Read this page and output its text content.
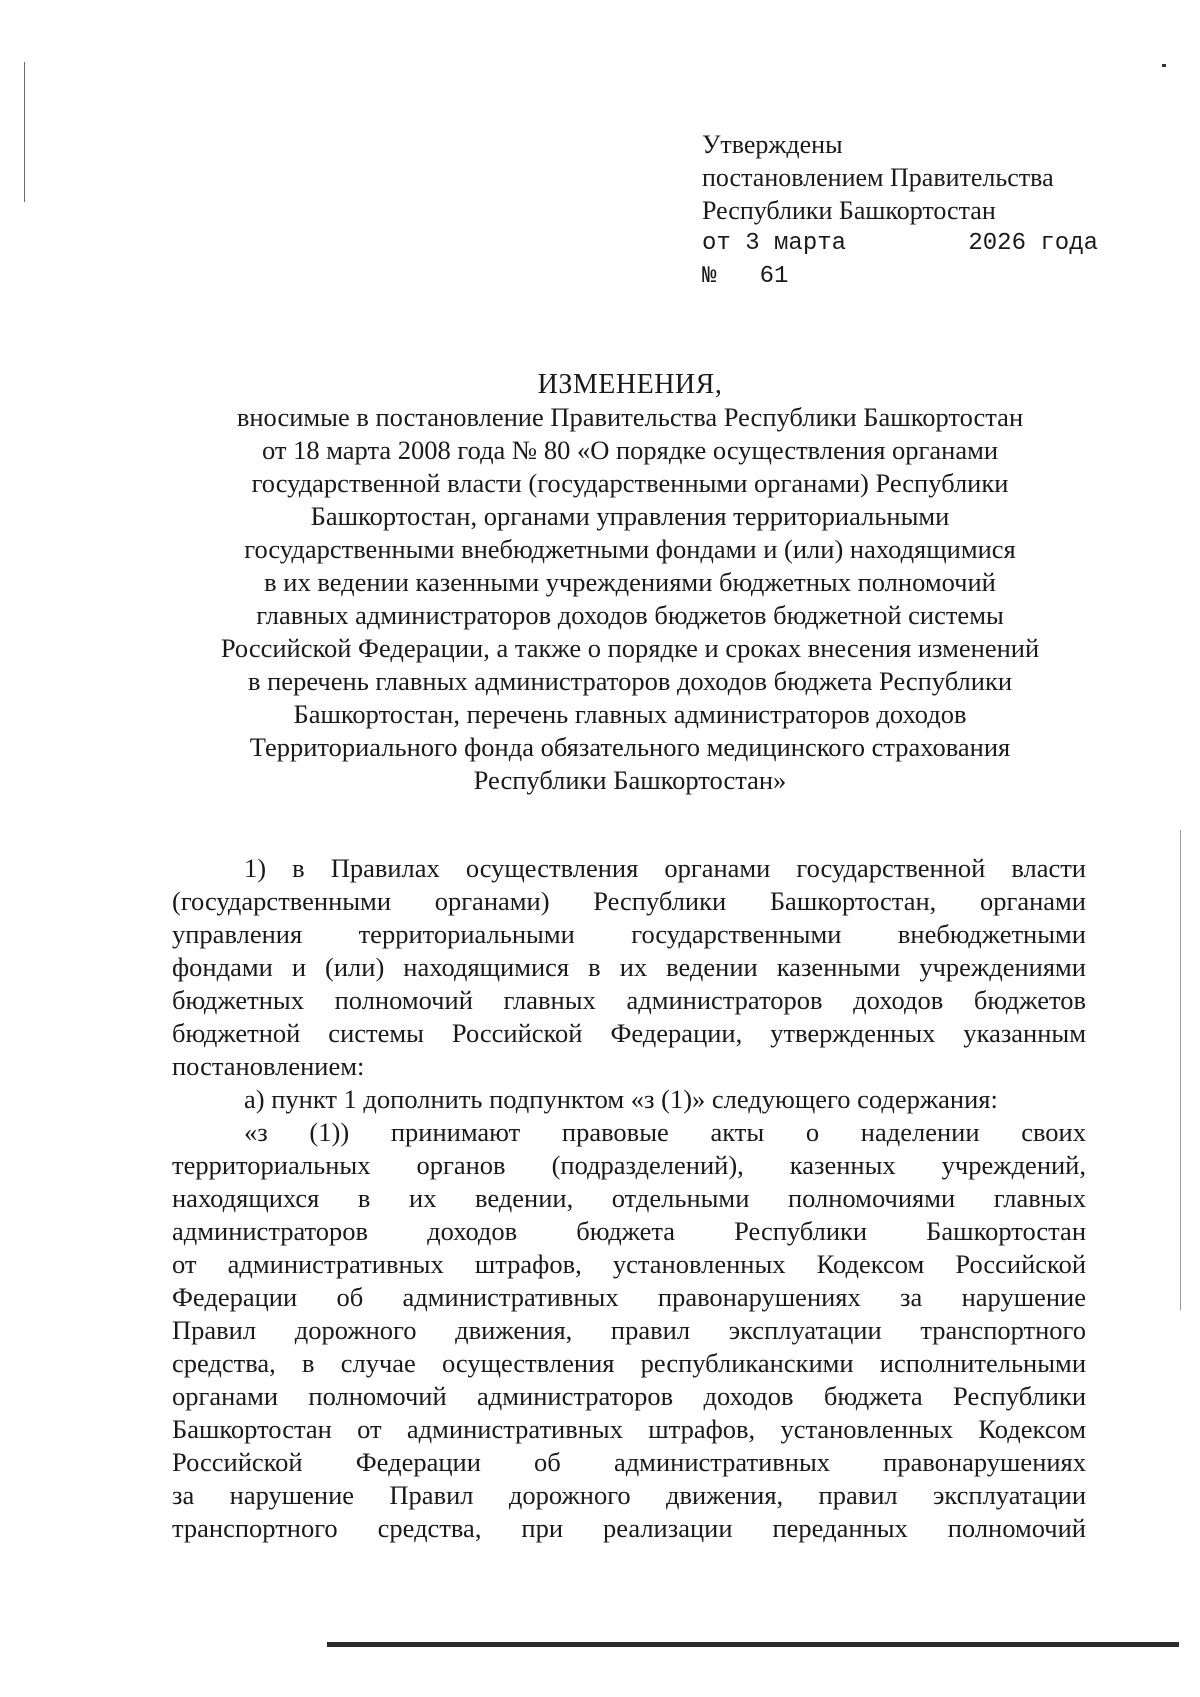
Утверждены
постановлением Правительства
Республики Башкортостан
от 3 марта	2026 года
№   61
ИЗМЕНЕНИЯ,
вносимые в постановление Правительства Республики Башкортостан
от 18 марта 2008 года № 80 «О порядке осуществления органами
государственной власти (государственными органами) Республики
Башкортостан, органами управления территориальными
государственными внебюджетными фондами и (или) находящимися
в их ведении казенными учреждениями бюджетных полномочий
главных администраторов доходов бюджетов бюджетной системы
Российской Федерации, а также о порядке и сроках внесения изменений
в перечень главных администраторов доходов бюджета Республики
Башкортостан, перечень главных администраторов доходов
Территориального фонда обязательного медицинского страхования
Республики Башкортостан»
1) в Правилах осуществления органами государственной власти
(государственными органами) Республики Башкортостан, органами
управления территориальными государственными внебюджетными
фондами и (или) находящимися в их ведении казенными учреждениями
бюджетных полномочий главных администраторов доходов бюджетов
бюджетной системы Российской Федерации, утвержденных указанным
постановлением:
а) пункт 1 дополнить подпунктом «з (1)» следующего содержания:
«з (1)) принимают правовые акты о наделении своих
территориальных органов (подразделений), казенных учреждений,
находящихся в их ведении, отдельными полномочиями главных
администраторов доходов бюджета Республики Башкортостан
от административных штрафов, установленных Кодексом Российской
Федерации об административных правонарушениях за нарушение
Правил дорожного движения, правил эксплуатации транспортного
средства, в случае осуществления республиканскими исполнительными
органами полномочий администраторов доходов бюджета Республики
Башкортостан от административных штрафов, установленных Кодексом
Российской Федерации об административных правонарушениях
за нарушение Правил дорожного движения, правил эксплуатации
транспортного средства, при реализации переданных полномочий
